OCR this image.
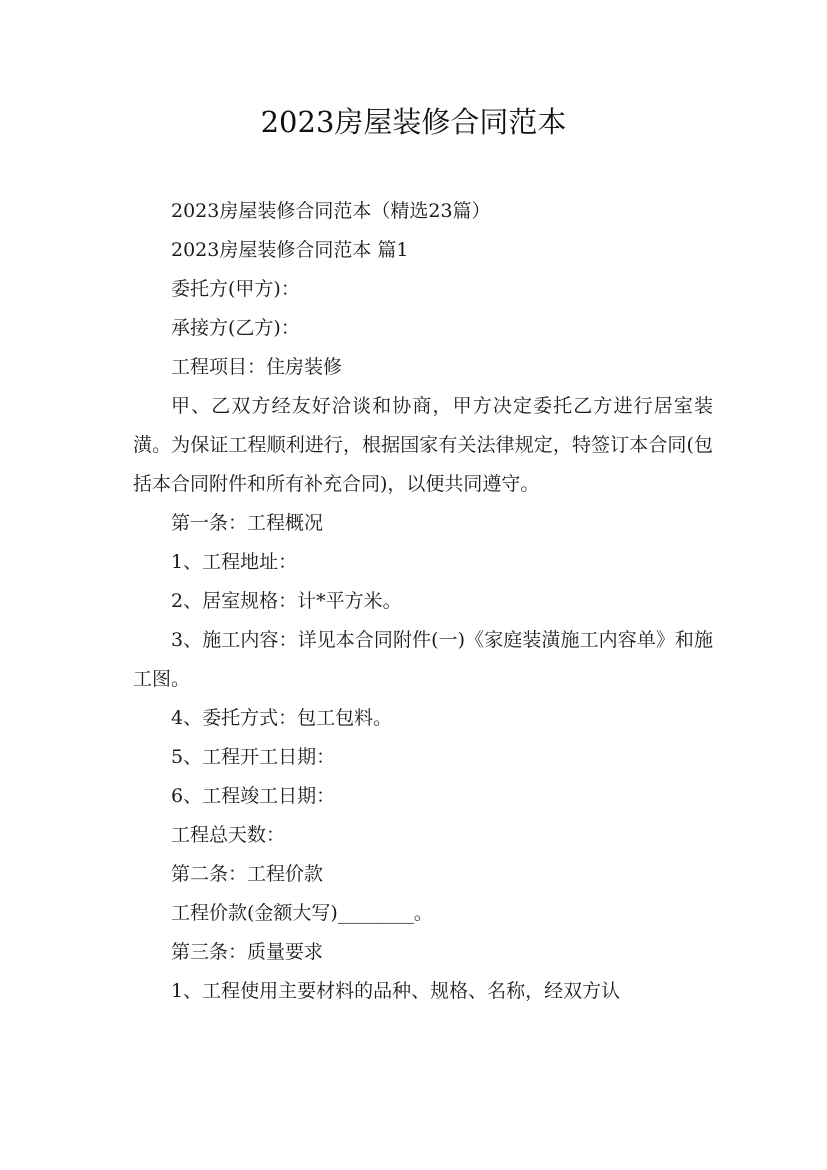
2023房屋装修合同范本
2023房屋装修合同范本（精选23篇）
2023房屋装修合同范本 篇1
委托方(甲方)：
承接方(乙方)：
工程项目：住房装修
甲、乙双方经友好洽谈和协商，甲方决定委托乙方进行居室装潢。为保证工程顺利进行，根据国家有关法律规定，特签订本合同(包括本合同附件和所有补充合同)，以便共同遵守。
第一条：工程概况
1、工程地址：
2、居室规格：计*平方米。
3、施工内容：详见本合同附件(一)《家庭装潢施工内容单》和施工图。
4、委托方式：包工包料。
5、工程开工日期：
6、工程竣工日期：
工程总天数：
第二条：工程价款
工程价款(金额大写)________。
第三条：质量要求
1、工程使用主要材料的品种、规格、名称，经双方认
